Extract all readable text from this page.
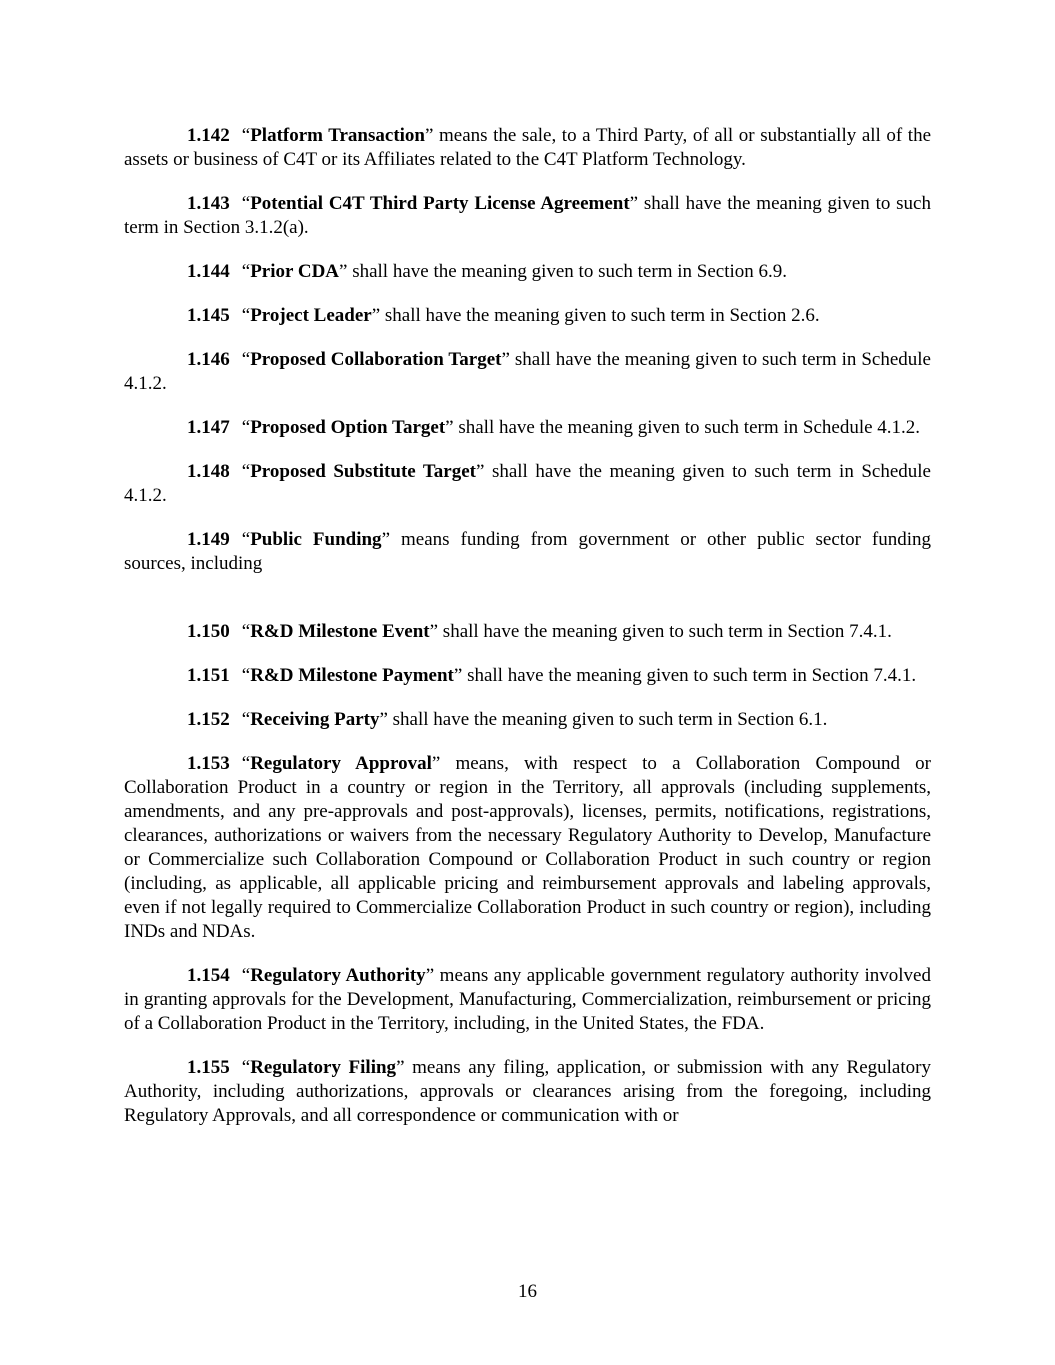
1.142 “Platform Transaction” means the sale, to a Third Party, of all or substantially all of the assets or business of C4T or its Affiliates related to the C4T Platform Technology.

1.143 “Potential C4T Third Party License Agreement” shall have the meaning given to such term in Section 3.1.2(a).

1.144 “Prior CDA” shall have the meaning given to such term in Section 6.9.

1.145 “Project Leader” shall have the meaning given to such term in Section 2.6.

1.146 “Proposed Collaboration Target” shall have the meaning given to such term in Schedule 4.1.2.

1.147 “Proposed Option Target” shall have the meaning given to such term in Schedule 4.1.2.

1.148 “Proposed Substitute Target” shall have the meaning given to such term in Schedule 4.1.2.

1.149 “Public Funding” means funding from government or other public sector funding sources, including

1.150 “R&D Milestone Event” shall have the meaning given to such term in Section 7.4.1.

1.151 “R&D Milestone Payment” shall have the meaning given to such term in Section 7.4.1.

1.152 “Receiving Party” shall have the meaning given to such term in Section 6.1.

1.153 “Regulatory Approval” means, with respect to a Collaboration Compound or Collaboration Product in a country or region in the Territory, all approvals (including supplements, amendments, and any pre-approvals and post-approvals), licenses, permits, notifications, registrations, clearances, authorizations or waivers from the necessary Regulatory Authority to Develop, Manufacture or Commercialize such Collaboration Compound or Collaboration Product in such country or region (including, as applicable, all applicable pricing and reimbursement approvals and labeling approvals, even if not legally required to Commercialize Collaboration Product in such country or region), including INDs and NDAs.

1.154 “Regulatory Authority” means any applicable government regulatory authority involved in granting approvals for the Development, Manufacturing, Commercialization, reimbursement or pricing of a Collaboration Product in the Territory, including, in the United States, the FDA.

1.155 “Regulatory Filing” means any filing, application, or submission with any Regulatory Authority, including authorizations, approvals or clearances arising from the foregoing, including Regulatory Approvals, and all correspondence or communication with or

16
